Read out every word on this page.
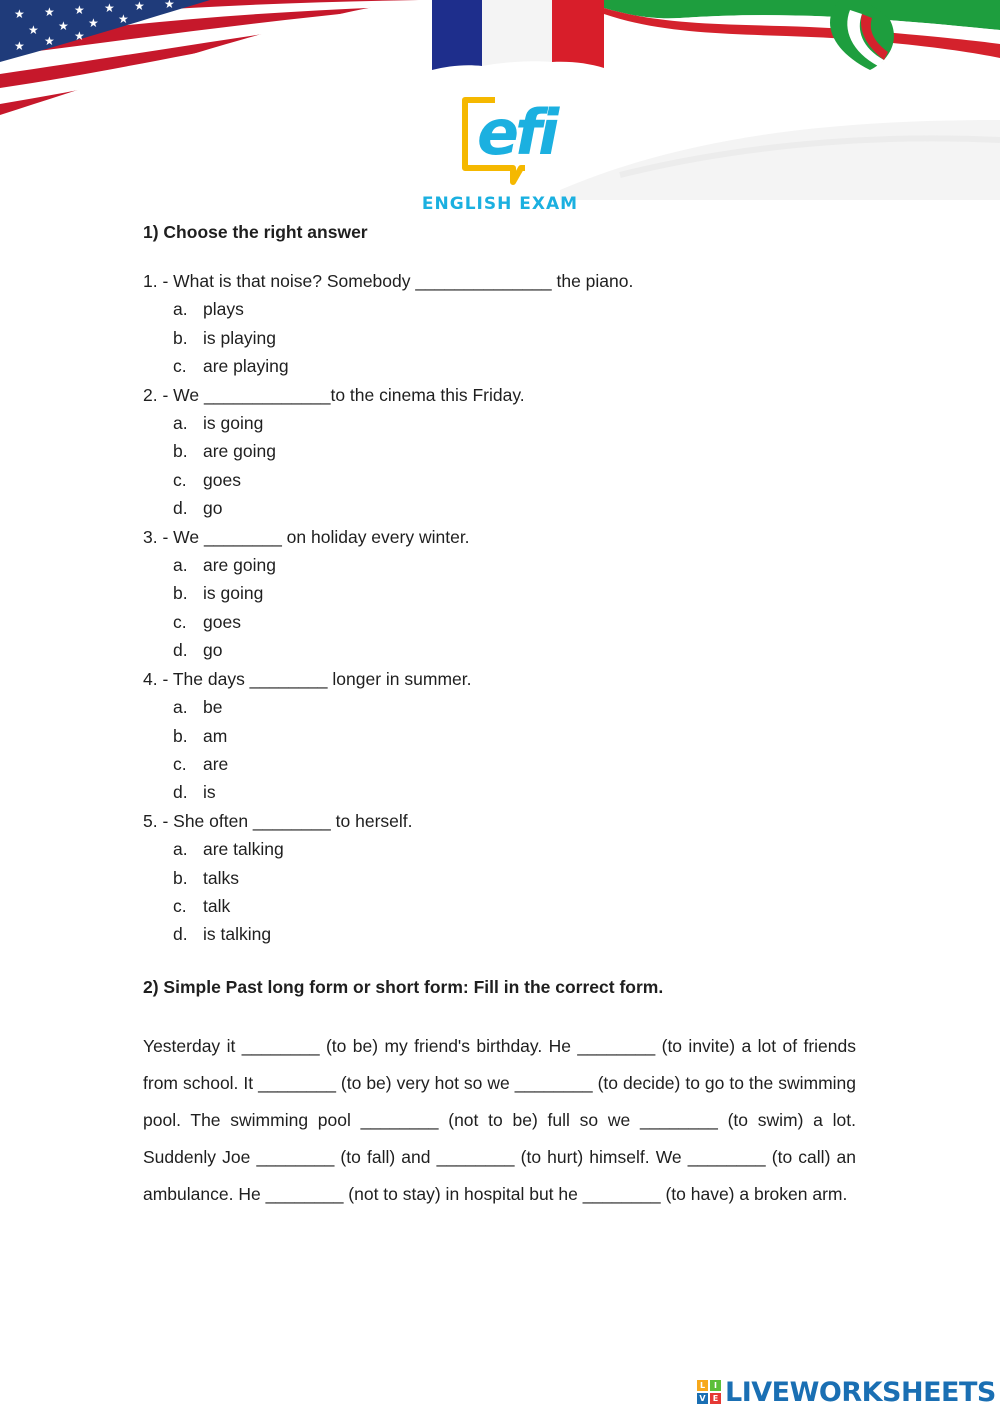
★ ★ ★ ★ ★ ★
★ ★ ★ ★
★ ★ ★
efi
ENGLISH EXAM

1) Choose the right answer

1. - What is that noise? Somebody ______________ the piano.
a. plays
b. is playing
c. are playing
2. - We _____________to the cinema this Friday.
a. is going
b. are going
c. goes
d. go
3. - We ________ on holiday every winter.
a. are going
b. is going
c. goes
d. go
4. - The days ________ longer in summer.
a. be
b. am
c. are
d. is
5. - She often ________ to herself.
a. are talking
b. talks
c. talk
d. is talking

2) Simple Past long form or short form: Fill in the correct form.

Yesterday it ________ (to be) my friend's birthday. He ________ (to invite) a lot of friends from school. It ________ (to be) very hot so we ________ (to decide) to go to the swimming pool. The swimming pool ________ (not to be) full so we ________ (to swim) a lot. Suddenly Joe ________ (to fall) and ________ (to hurt) himself. We ________ (to call) an ambulance. He ________ (not to stay) in hospital but he ________ (to have) a broken arm.
L	I
V E LIVEWORKSHEETS
